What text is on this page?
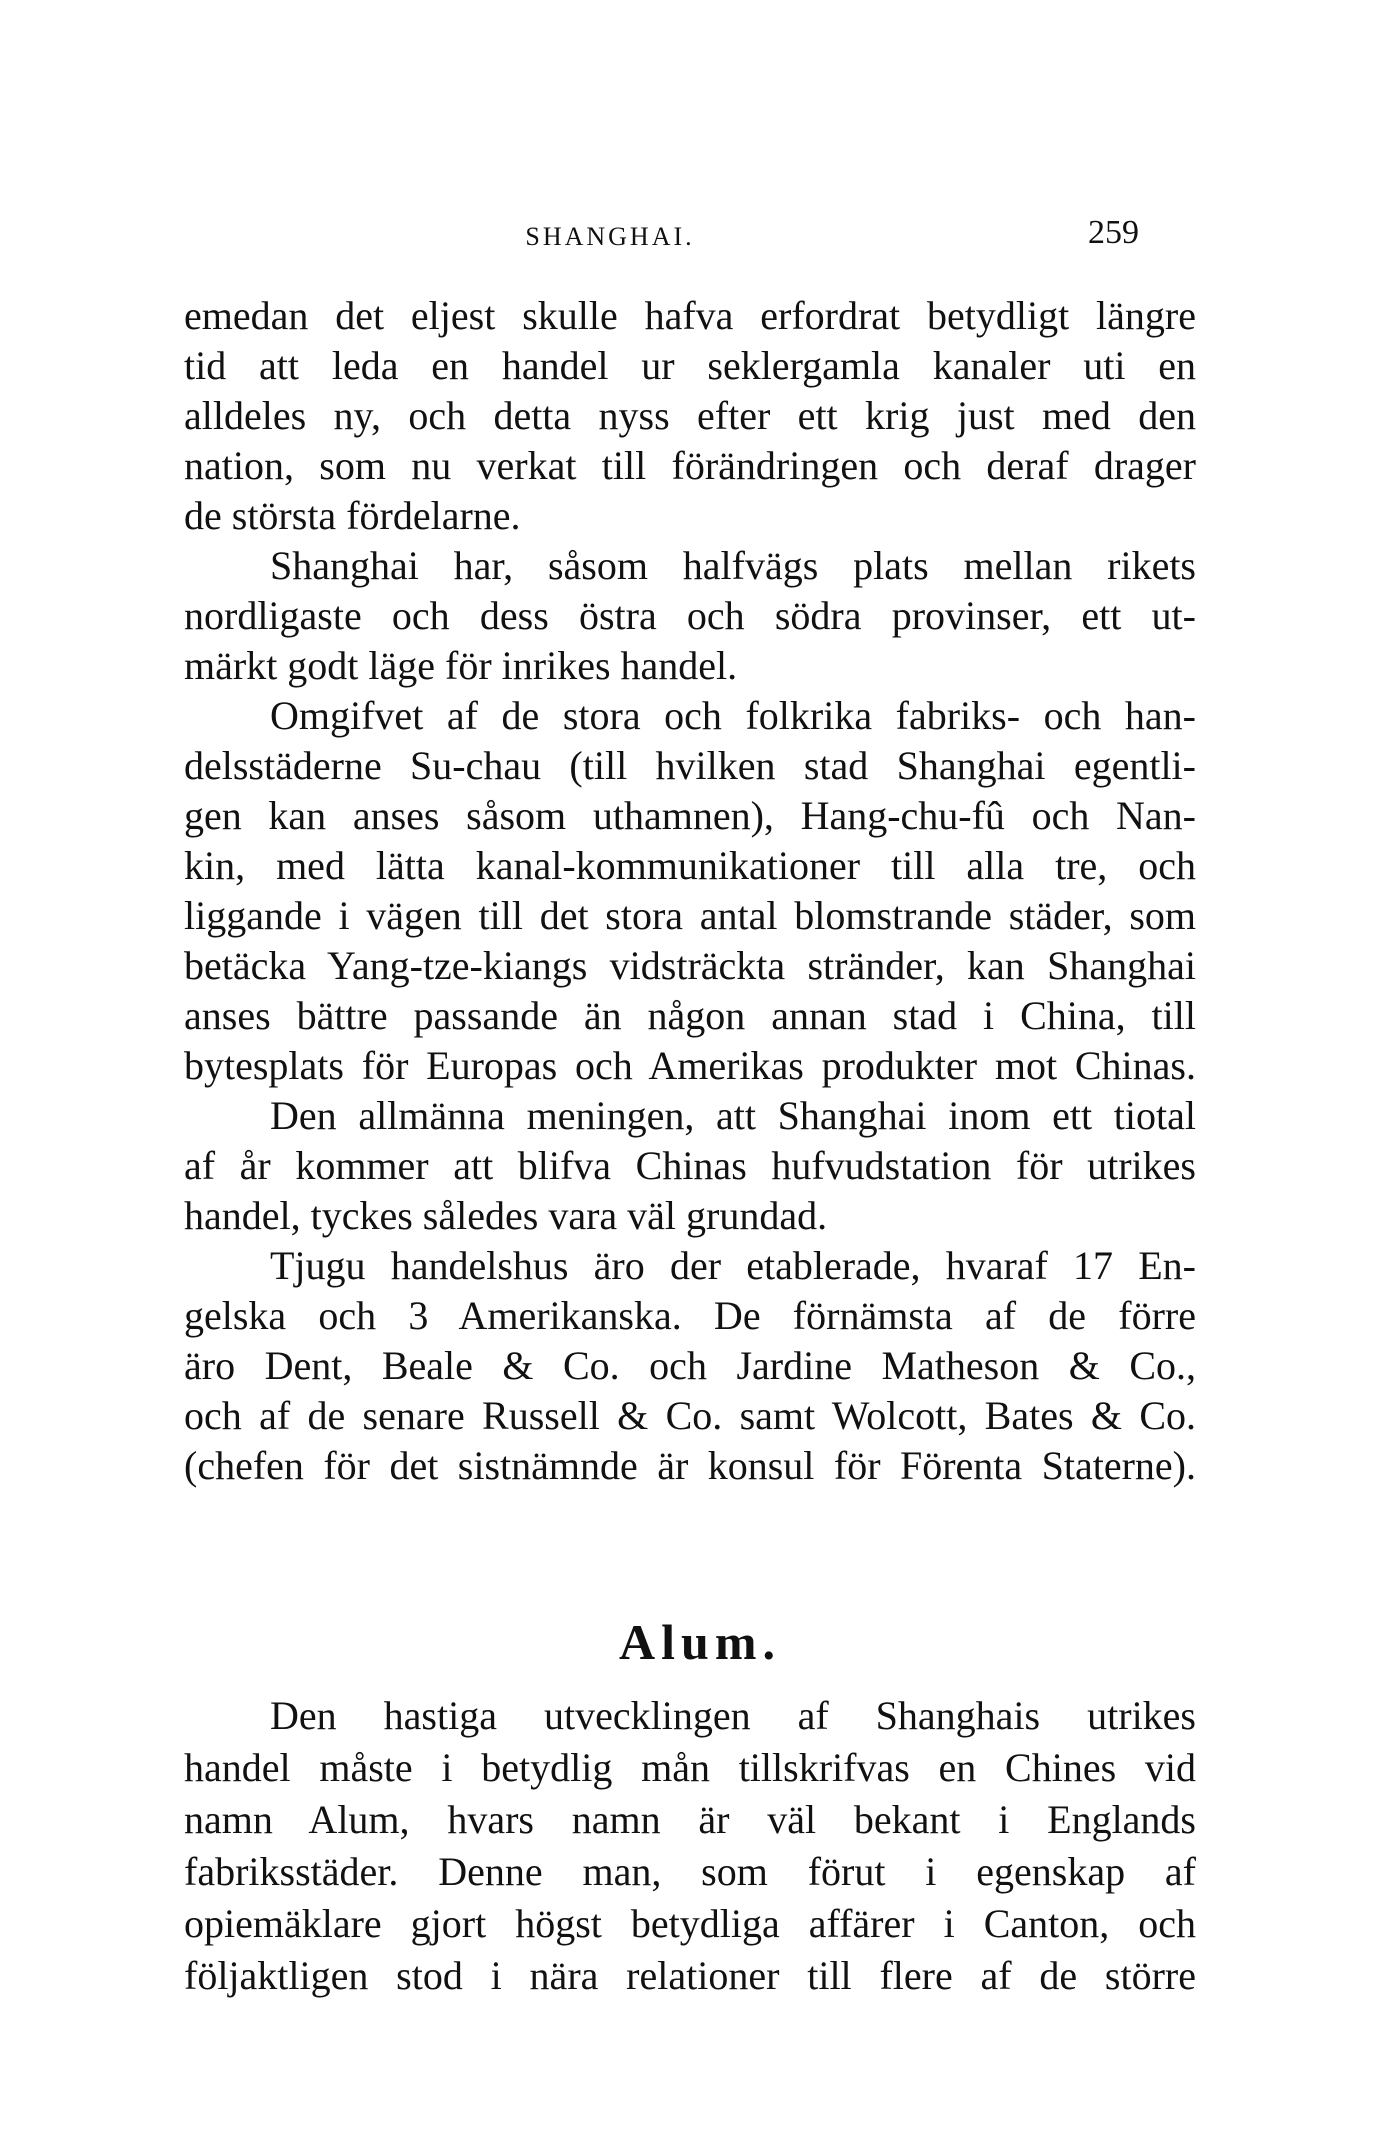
SHANGHAI.	259
emedan det eljest skulle hafva erfordrat betydligt längre
tid att leda en handel ur seklergamla kanaler uti en
alldeles ny, och detta nyss efter ett krig just med den
nation, som nu verkat till förändringen och deraf drager
de största fördelarne.
Shanghai har, såsom halfvägs plats mellan rikets
nordligaste och dess östra och södra provinser, ett ut-
märkt godt läge för inrikes handel.
Omgifvet af de stora och folkrika fabriks- och han-
delsstäderne Su-chau (till hvilken stad Shanghai egentli-
gen kan anses såsom uthamnen), Hang-chu-fû och Nan-
kin, med lätta kanal-kommunikationer till alla tre, och
liggande i vägen till det stora antal blomstrande städer, som
betäcka Yang-tze-kiangs vidsträckta stränder, kan Shanghai
anses bättre passande än någon annan stad i China, till
bytesplats för Europas och Amerikas produkter mot Chinas.
Den allmänna meningen, att Shanghai inom ett tiotal
af år kommer att blifva Chinas hufvudstation för utrikes
handel, tyckes således vara väl grundad.
Tjugu handelshus äro der etablerade, hvaraf 17 En-
gelska och 3 Amerikanska. De förnämsta af de förre
äro Dent, Beale & Co. och Jardine Matheson & Co.,
och af de senare Russell & Co. samt Wolcott, Bates & Co.
(chefen för det sistnämnde är konsul för Förenta Staterne).
Alum.
Den hastiga utvecklingen af Shanghais utrikes
handel måste i betydlig mån tillskrifvas en Chines vid
namn Alum, hvars namn är väl bekant i Englands
fabriksstäder. Denne man, som förut i egenskap af
opiemäklare gjort högst betydliga affärer i Canton, och
följaktligen stod i nära relationer till flere af de större
